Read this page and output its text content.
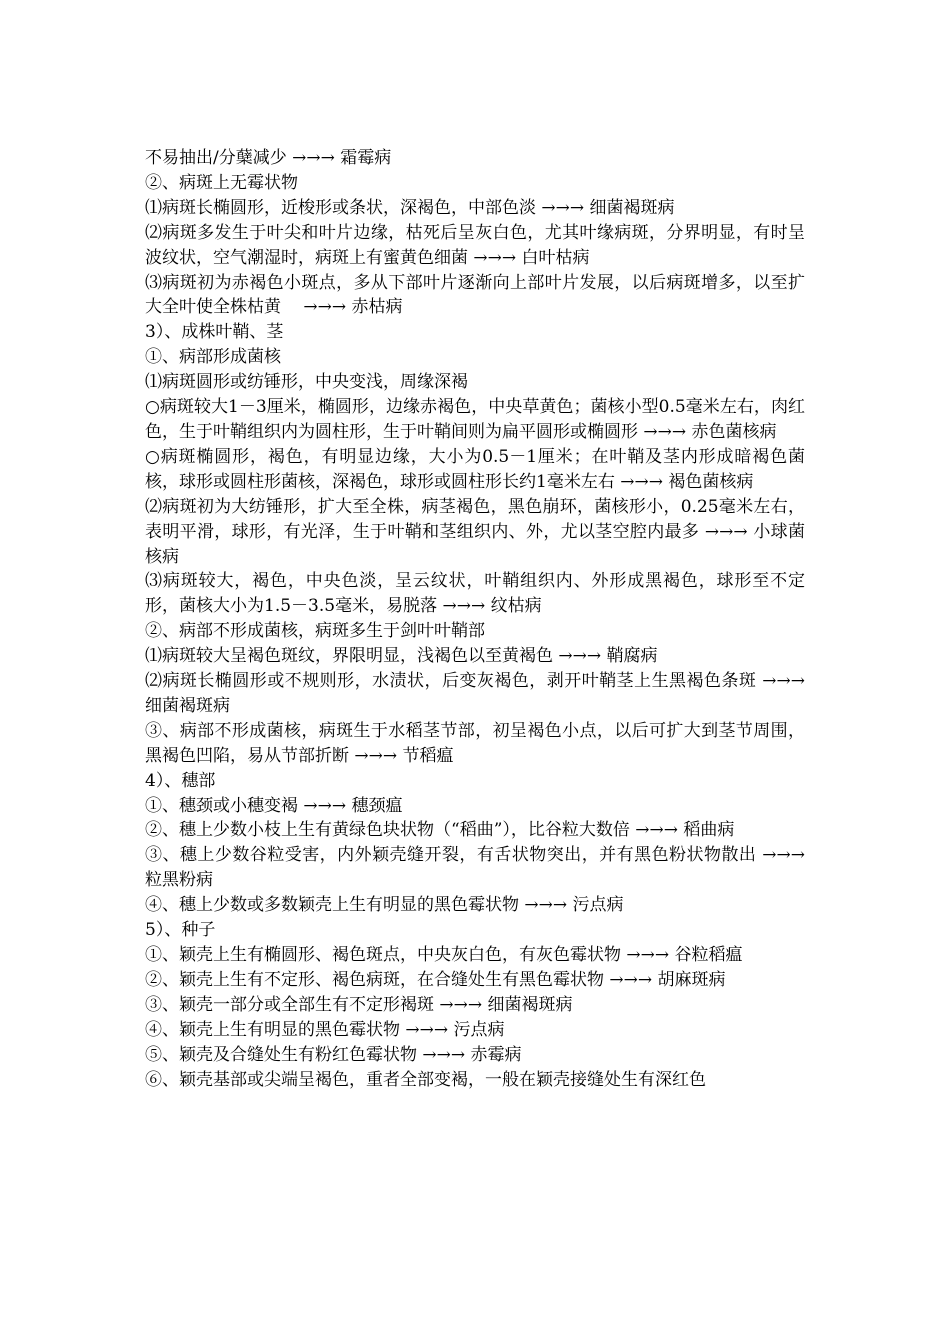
不易抽出/分蘖减少 →→→ 霜霉病

②、病斑上无霉状物

⑴病斑长椭圆形，近梭形或条状，深褐色，中部色淡 →→→ 细菌褐斑病

⑵病斑多发生于叶尖和叶片边缘，枯死后呈灰白色，尤其叶缘病斑，分界明显，有时呈波纹状，空气潮湿时，病斑上有蜜黄色细菌 →→→ 白叶枯病

⑶病斑初为赤褐色小斑点，多从下部叶片逐渐向上部叶片发展，以后病斑增多，以至扩大全叶使全株枯黄　 →→→ 赤枯病

3）、成株叶鞘、茎

①、病部形成菌核

⑴病斑圆形或纺锤形，中央变浅，周缘深褐

○病斑较大1－3厘米，椭圆形，边缘赤褐色，中央草黄色；菌核小型0.5毫米左右，肉红色，生于叶鞘组织内为圆柱形，生于叶鞘间则为扁平圆形或椭圆形 →→→ 赤色菌核病

○病斑椭圆形，褐色，有明显边缘，大小为0.5－1厘米；在叶鞘及茎内形成暗褐色菌核，球形或圆柱形菌核，深褐色，球形或圆柱形长约1毫米左右 →→→ 褐色菌核病

⑵病斑初为大纺锤形，扩大至全株，病茎褐色，黑色崩环，菌核形小，0.25毫米左右，表明平滑，球形，有光泽，生于叶鞘和茎组织内、外，尤以茎空腔内最多 →→→ 小球菌核病

⑶病斑较大，褐色，中央色淡，呈云纹状，叶鞘组织内、外形成黑褐色，球形至不定形，菌核大小为1.5－3.5毫米，易脱落 →→→ 纹枯病

②、病部不形成菌核，病斑多生于剑叶叶鞘部

⑴病斑较大呈褐色斑纹，界限明显，浅褐色以至黄褐色 →→→ 鞘腐病

⑵病斑长椭圆形或不规则形，水渍状，后变灰褐色，剥开叶鞘茎上生黑褐色条斑 →→→ 细菌褐斑病

③、病部不形成菌核，病斑生于水稻茎节部，初呈褐色小点，以后可扩大到茎节周围，黑褐色凹陷，易从节部折断 →→→ 节稻瘟

4）、穗部

①、穗颈或小穗变褐 →→→ 穗颈瘟

②、穗上少数小枝上生有黄绿色块状物（“稻曲”），比谷粒大数倍 →→→ 稻曲病

③、穗上少数谷粒受害，内外颖壳缝开裂，有舌状物突出，并有黑色粉状物散出 →→→ 粒黑粉病

④、穗上少数或多数颖壳上生有明显的黑色霉状物 →→→ 污点病

5）、种子

①、颖壳上生有椭圆形、褐色斑点，中央灰白色，有灰色霉状物 →→→ 谷粒稻瘟

②、颖壳上生有不定形、褐色病斑，在合缝处生有黑色霉状物 →→→ 胡麻斑病

③、颖壳一部分或全部生有不定形褐斑 →→→ 细菌褐斑病

④、颖壳上生有明显的黑色霉状物 →→→ 污点病

⑤、颖壳及合缝处生有粉红色霉状物 →→→ 赤霉病

⑥、颖壳基部或尖端呈褐色，重者全部变褐，一般在颖壳接缝处生有深红色
